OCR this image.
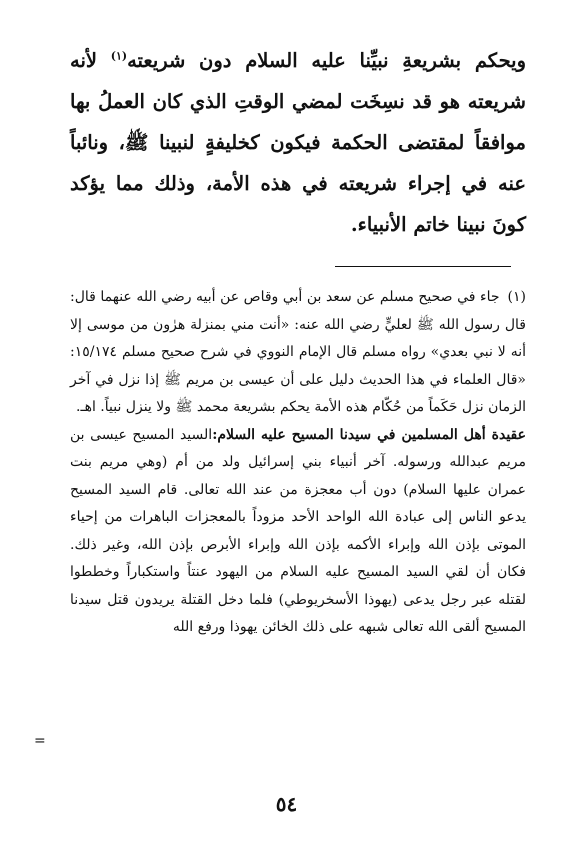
ويحكم بشريعةِ نبيِّنا عليه السلام دون شريعته$^{(١)}$ لأنه شريعته هو قد نسِخَت لمضي الوقتِ الذي كان العملُ بها موافقاً لمقتضى الحكمة فيكون كخليفةٍ لنبينا ﷺ، ونائباً عنه في إجراء شريعته في هذه الأمة، وذلك مما يؤكد كونَ نبينا خاتم الأنبياء.

(١)جاء في صحيح مسلم عن سعد بن أبي وقاص عن أبيه رضي الله عنهما قال: قال رسول الله ﷺ لعليٍّ رضي الله عنه: «أنت مني بمنزلة هرٰون من موسى إلا أنه لا نبي بعدي» رواه مسلم قال الإمام النووي في شرح صحيح مسلم ١٥/١٧٤: «قال العلماء في هذا الحديث دليل على أن عيسى بن مريم ﷺ إذا نزل في آخر الزمان نزل حَكَماً من حُكّام هذه الأمة يحكم بشريعة محمد ﷺ ولا ينزل نبياً. اهـ.

عقيدة أهل المسلمين في سيدنا المسيح عليه السلام:السيد المسيح عيسى بن مريم عبدالله ورسوله. آخر أنبياء بني إسرائيل ولد من أم (وهي مريم بنت عمران عليها السلام) دون أب معجزة من عند الله تعالى. قام السيد المسيح يدعو الناس إلى عبادة الله الواحد الأحد مزوداً بالمعجزات الباهرات من إحياء الموتى بإذن الله وإبراء الأكمه بإذن الله وإبراء الأبرص بإذن الله، وغير ذلك. فكان أن لقي السيد المسيح عليه السلام من اليهود عنتاً واستكباراً وخططوا لقتله عبر رجل يدعى (يهوذا الأسخريوطي) فلما دخل القتلة يريدون قتل سيدنا المسيح ألقى الله تعالى شبهه على ذلك الخائن يهوذا ورفع الله

=
٥٤
